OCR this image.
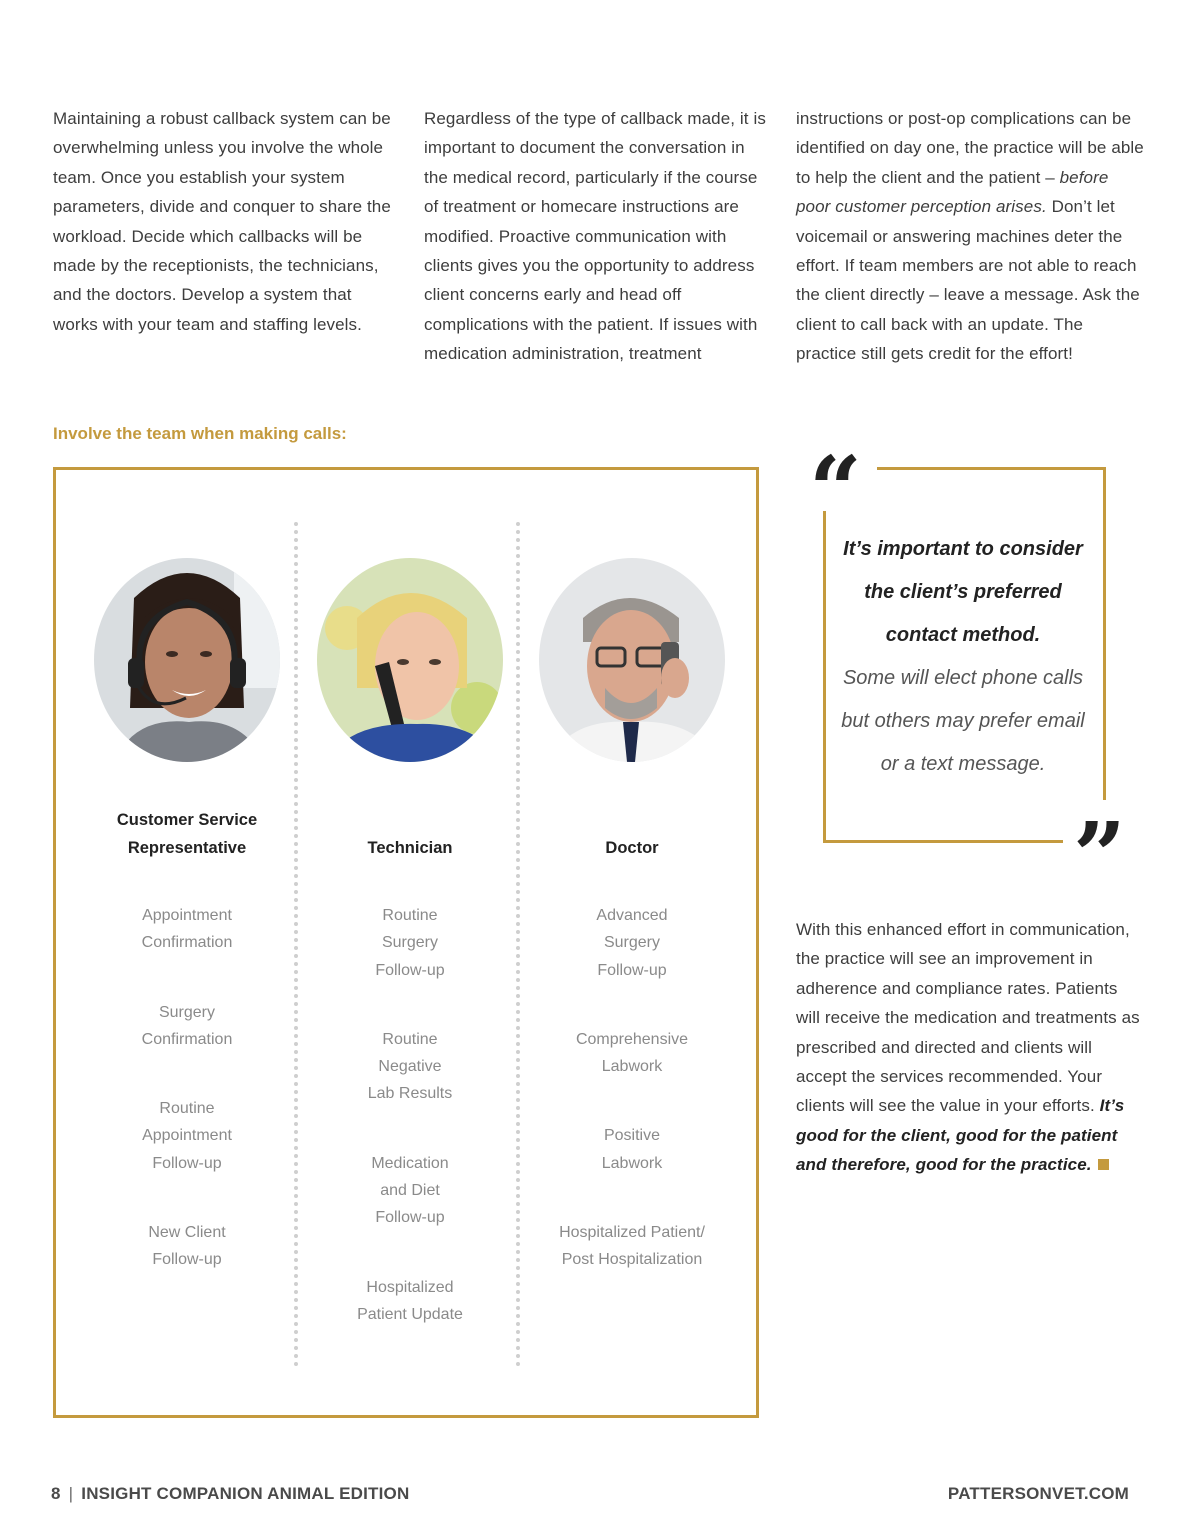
Maintaining a robust callback system can be overwhelming unless you involve the whole team. Once you establish your system parameters, divide and conquer to share the workload. Decide which callbacks will be made by the receptionists, the technicians, and the doctors. Develop a system that works with your team and staffing levels.

Regardless of the type of callback made, it is important to document the conversation in the medical record, particularly if the course of treatment or homecare instructions are modified. Proactive communication with clients gives you the opportunity to address client concerns early and head off complications with the patient. If issues with medication administration, treatment

instructions or post-op complications can be identified on day one, the practice will be able to help the client and the patient – before poor customer perception arises. Don’t let voicemail or answering machines deter the effort. If team members are not able to reach the client directly – leave a message. Ask the client to call back with an update. The practice still gets credit for the effort!

Involve the team when making calls:
Customer Service Representative
Appointment
Confirmation
Surgery
Confirmation
Routine
Appointment
Follow-up
New Client
Follow-up
Technician
Routine
Surgery
Follow-up
Routine
Negative
Lab Results
Medication
and Diet
Follow-up
Hospitalized
Patient Update
Doctor
Advanced
Surgery
Follow-up
Comprehensive
Labwork
Positive
Labwork
Hospitalized Patient/
Post Hospitalization
“
”
It’s important to consider the client’s preferred contact method.
Some will elect phone calls but others may prefer email or a text message.

With this enhanced effort in communication, the practice will see an improvement in adherence and compliance rates. Patients will receive the medication and treatments as prescribed and directed and clients will accept the services recommended. Your clients will see the value in your efforts. It’s good for the client, good for the patient and therefore, good for the practice.

8 | INSIGHT COMPANION ANIMAL EDITION	PATTERSONVET.COM
